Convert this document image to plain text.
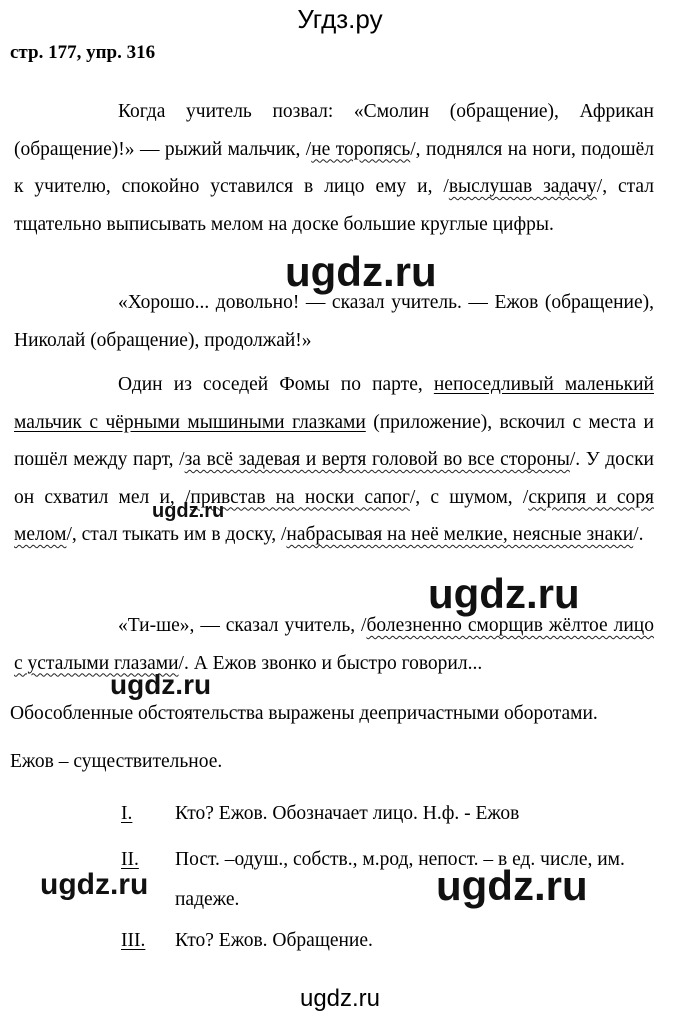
Угдз.ру
стр. 177, упр. 316

Когда учитель позвал: «Смолин (обращение), Африкан (обращение)!» — рыжий мальчик, /не торопясь/, поднялся на ноги, подошёл к учителю, спокойно уставился в лицо ему и, /выслушав задачу/, стал тщательно выписывать мелом на доске большие круглые цифры.

«Хорошо... довольно! — сказал учитель. — Ежов (обращение), Николай (обращение), продолжай!»

Один из соседей Фомы по парте, непоседливый маленький мальчик с чёрными мышиными глазками (приложение), вскочил с места и пошёл между парт, /за всё задевая и вертя головой во все стороны/. У доски он схватил мел и, /привстав на носки сапог/, с шумом, /скрипя и соря мелом/, стал тыкать им в доску, /набрасывая на неё мелкие, неясные знаки/.

«Ти-ше», — сказал учитель, /болезненно сморщив жёлтое лицо с усталыми глазами/. А Ежов звонко и быстро говорил...

Обособленные обстоятельства выражены деепричастными оборотами.
Ежов – существительное.
I. Кто? Ежов. Обозначает лицо. Н.ф. - Ежов
II. Пост. –одуш., собств., м.род, непост. – в ед. числе, им. падеже.
III. Кто? Ежов. Обращение.
ugdz.ru
ugdz.ru
ugdz.ru
ugdz.ru
ugdz.ru
ugdz.ru	ugdz.ru
